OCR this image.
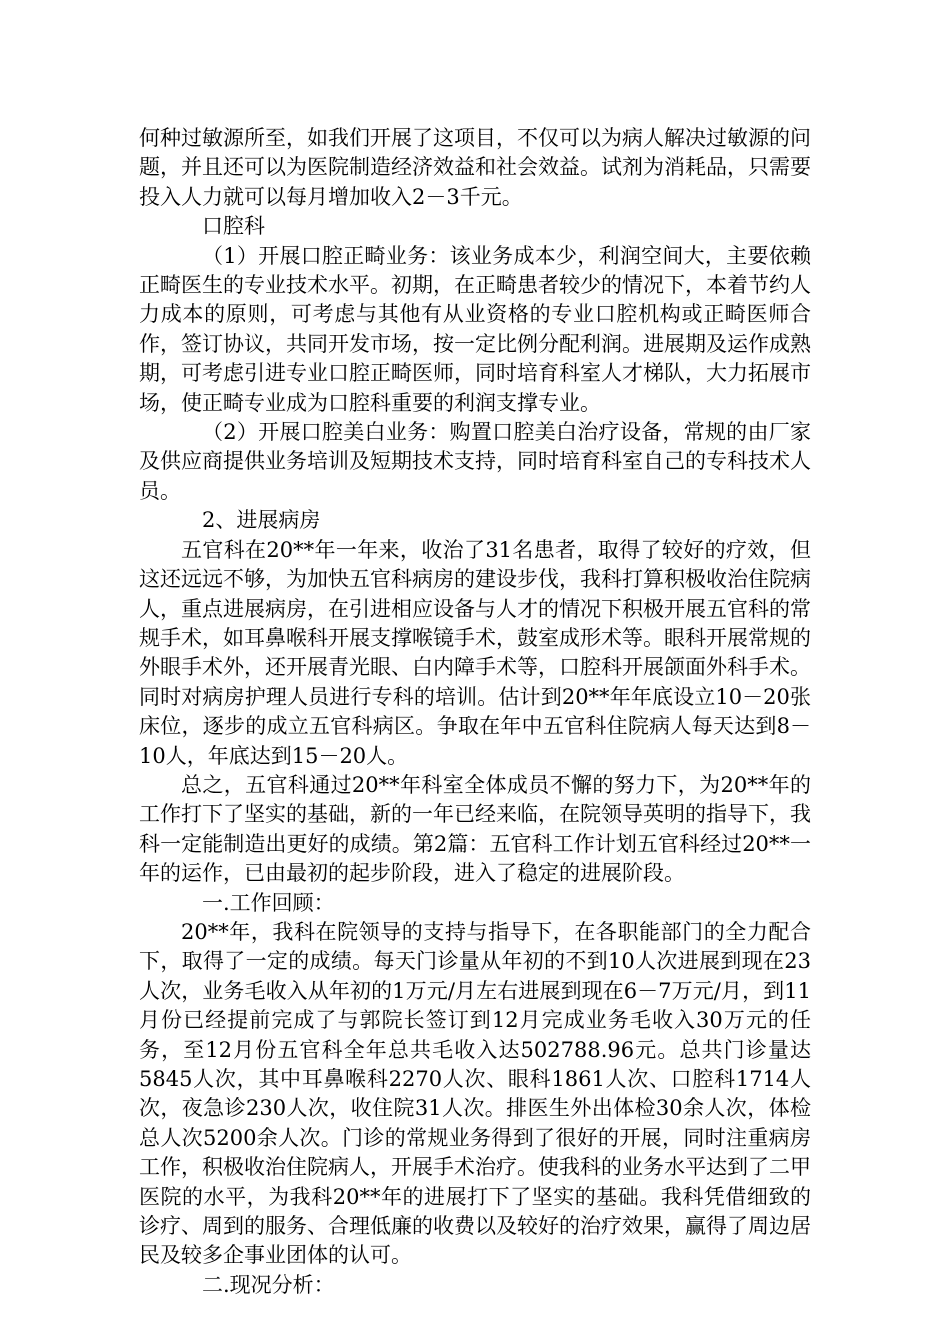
何种过敏源所至，如我们开展了这项目，不仅可以为病人解决过敏源的问题，并且还可以为医院制造经济效益和社会效益。试剂为消耗品，只需要投入人力就可以每月增加收入2－3千元。

口腔科

（1）开展口腔正畸业务：该业务成本少，利润空间大，主要依赖正畸医生的专业技术水平。初期，在正畸患者较少的情况下，本着节约人力成本的原则，可考虑与其他有从业资格的专业口腔机构或正畸医师合作，签订协议，共同开发市场，按一定比例分配利润。进展期及运作成熟期，可考虑引进专业口腔正畸医师，同时培育科室人才梯队，大力拓展市场，使正畸专业成为口腔科重要的利润支撑专业。

（2）开展口腔美白业务：购置口腔美白治疗设备，常规的由厂家及供应商提供业务培训及短期技术支持，同时培育科室自己的专科技术人员。

2、进展病房

五官科在20**年一年来，收治了31名患者，取得了较好的疗效，但这还远远不够，为加快五官科病房的建设步伐，我科打算积极收治住院病人，重点进展病房，在引进相应设备与人才的情况下积极开展五官科的常规手术，如耳鼻喉科开展支撑喉镜手术，鼓室成形术等。眼科开展常规的外眼手术外，还开展青光眼、白内障手术等，口腔科开展颌面外科手术。同时对病房护理人员进行专科的培训。估计到20**年年底设立10－20张床位，逐步的成立五官科病区。争取在年中五官科住院病人每天达到8－10人，年底达到15－20人。

总之，五官科通过20**年科室全体成员不懈的努力下，为20**年的工作打下了坚实的基础，新的一年已经来临，在院领导英明的指导下，我科一定能制造出更好的成绩。第2篇：五官科工作计划五官科经过20**一年的运作，已由最初的起步阶段，进入了稳定的进展阶段。

一.工作回顾：

20**年，我科在院领导的支持与指导下，在各职能部门的全力配合下，取得了一定的成绩。每天门诊量从年初的不到10人次进展到现在23人次，业务毛收入从年初的1万元/月左右进展到现在6－7万元/月，到11月份已经提前完成了与郭院长签订到12月完成业务毛收入30万元的任务，至12月份五官科全年总共毛收入达502788.96元。总共门诊量达5845人次，其中耳鼻喉科2270人次、眼科1861人次、口腔科1714人次，夜急诊230人次，收住院31人次。排医生外出体检30余人次，体检总人次5200余人次。门诊的常规业务得到了很好的开展，同时注重病房工作，积极收治住院病人，开展手术治疗。使我科的业务水平达到了二甲医院的水平，为我科20**年的进展打下了坚实的基础。我科凭借细致的诊疗、周到的服务、合理低廉的收费以及较好的治疗效果，赢得了周边居民及较多企事业团体的认可。

二.现况分析：
